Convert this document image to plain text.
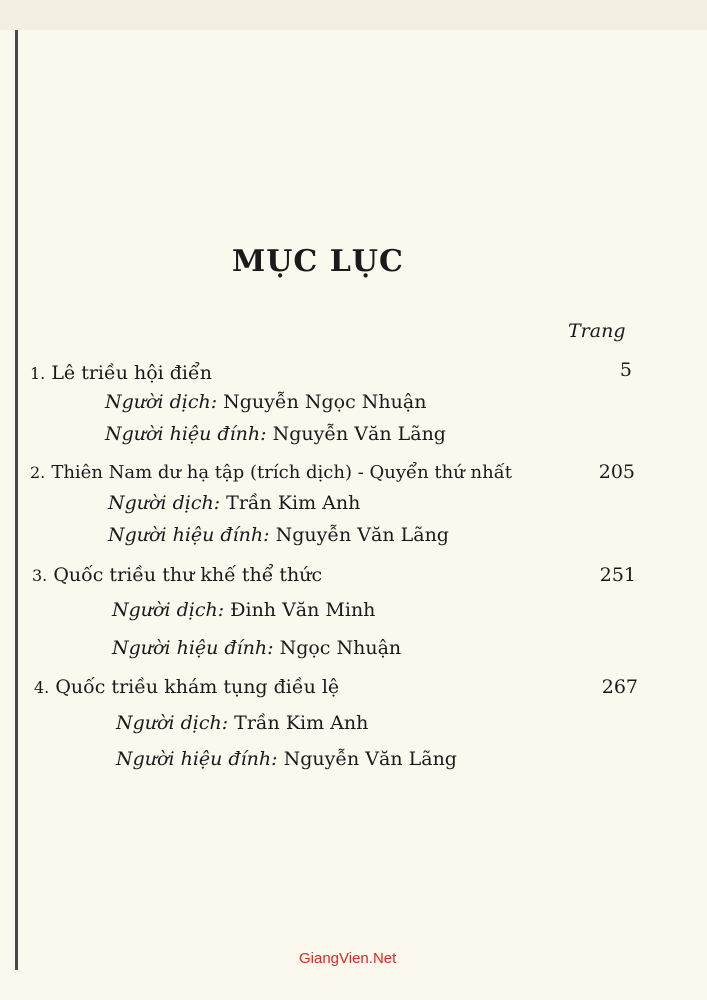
MỤC LỤC
Trang
1. Lê triều hội điển	5
Người dịch: Nguyễn Ngọc Nhuận
Người hiệu đính: Nguyễn Văn Lãng
2. Thiên Nam dư hạ tập (trích dịch) - Quyển thứ nhất	205
Người dịch: Trần Kim Anh
Người hiệu đính: Nguyễn Văn Lãng
3. Quốc triều thư khế thể thức	251
Người dịch: Đinh Văn Minh
Người hiệu đính: Ngọc Nhuận
4. Quốc triều khám tụng điều lệ	267
Người dịch: Trần Kim Anh
Người hiệu đính: Nguyễn Văn Lãng
GiangVien.Net
